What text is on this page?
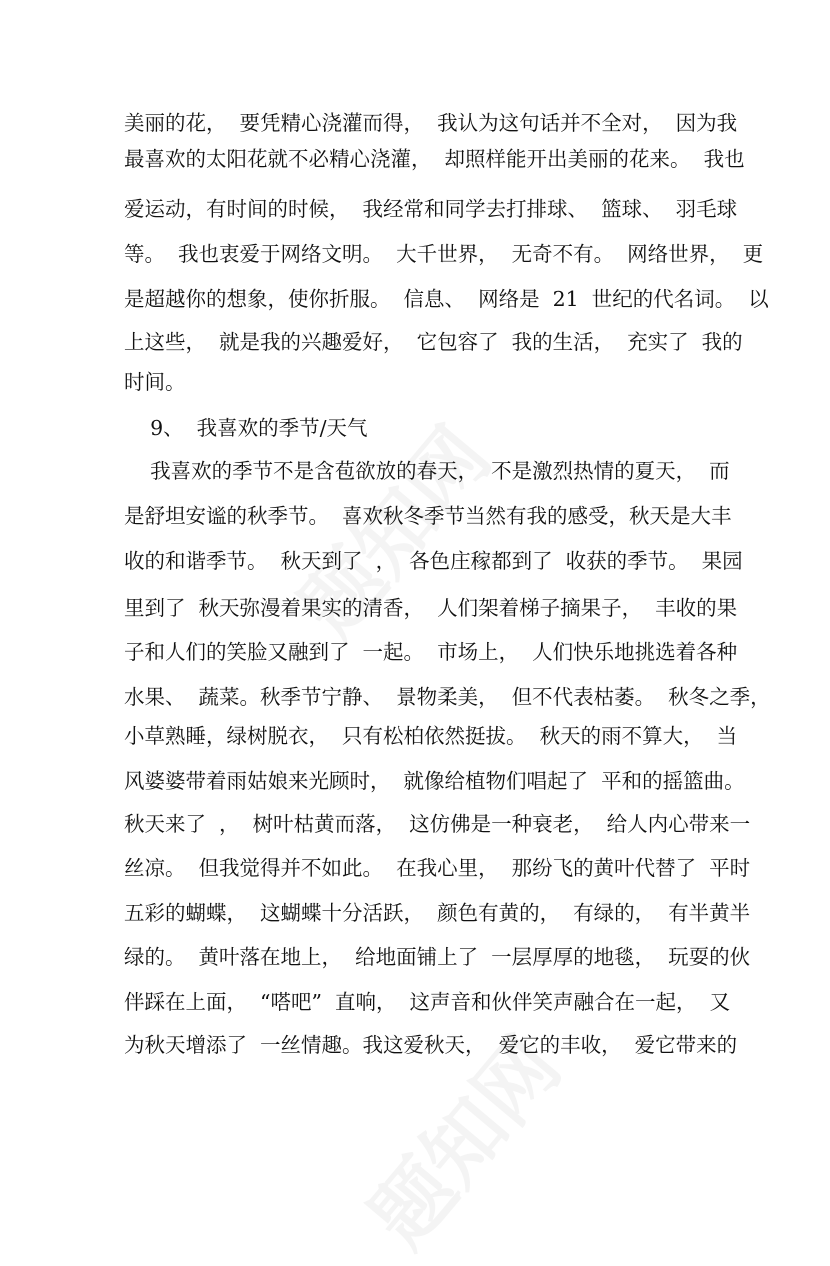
美丽的花，  要凭精心浇灌而得，  我认为这句话并不全对，  因为我
最喜欢的太阳花就不必精心浇灌，  却照样能开出美丽的花来。  我也
爱运动，有时间的时候，  我经常和同学去打排球、  篮球、  羽毛球
等。  我也衷爱于网络文明。  大千世界，  无奇不有。  网络世界，  更
是超越你的想象，使你折服。  信息、  网络是  21  世纪的代名词。  以
上这些，  就是我的兴趣爱好，  它包容了  我的生活，  充实了  我的
时间。
9、  我喜欢的季节/天气
我喜欢的季节不是含苞欲放的春天，  不是激烈热情的夏天，  而
是舒坦安谧的秋季节。  喜欢秋冬季节当然有我的感受，秋天是大丰
收的和谐季节。  秋天到了  ，  各色庄稼都到了  收获的季节。  果园
里到了  秋天弥漫着果实的清香，  人们架着梯子摘果子，  丰收的果
子和人们的笑脸又融到了  一起。  市场上，  人们快乐地挑选着各种
水果、  蔬菜。秋季节宁静、  景物柔美，  但不代表枯萎。  秋冬之季，
小草熟睡，绿树脱衣，  只有松柏依然挺拔。  秋天的雨不算大，  当
风婆婆带着雨姑娘来光顾时，  就像给植物们唱起了  平和的摇篮曲。
秋天来了  ，  树叶枯黄而落，  这仿佛是一种衰老，  给人内心带来一
丝凉。  但我觉得并不如此。  在我心里，  那纷飞的黄叶代替了  平时
五彩的蝴蝶，  这蝴蝶十分活跃，  颜色有黄的，  有绿的，  有半黄半
绿的。  黄叶落在地上，  给地面铺上了  一层厚厚的地毯，  玩耍的伙
伴踩在上面，  “嗒吧”  直响，  这声音和伙伴笑声融合在一起，  又
为秋天增添了  一丝情趣。我这爱秋天，  爱它的丰收，  爱它带来的
